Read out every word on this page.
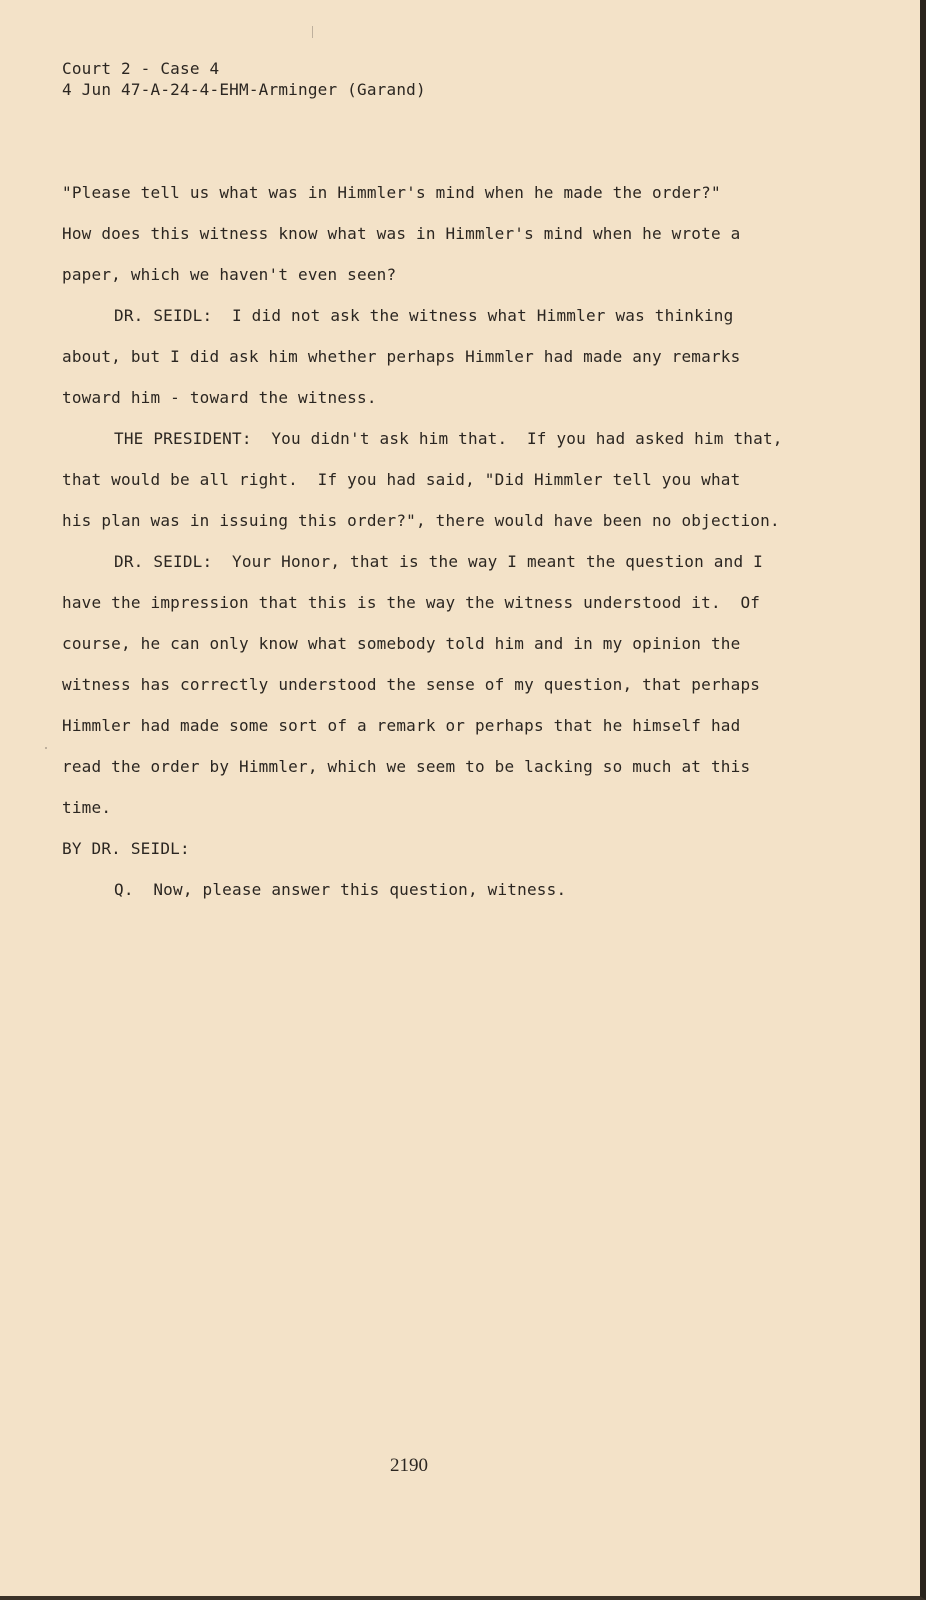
Court 2 - Case 4
4 Jun 47-A-24-4-EHM-Arminger (Garand)
"Please tell us what was in Himmler's mind when he made the order?"
How does this witness know what was in Himmler's mind when he wrote a
paper, which we haven't even seen?
DR. SEIDL:  I did not ask the witness what Himmler was thinking
about, but I did ask him whether perhaps Himmler had made any remarks
toward him - toward the witness.
THE PRESIDENT:  You didn't ask him that.  If you had asked him that,
that would be all right.  If you had said, "Did Himmler tell you what
his plan was in issuing this order?", there would have been no objection.
DR. SEIDL:  Your Honor, that is the way I meant the question and I
have the impression that this is the way the witness understood it.  Of
course, he can only know what somebody told him and in my opinion the
witness has correctly understood the sense of my question, that perhaps
Himmler had made some sort of a remark or perhaps that he himself had
read the order by Himmler, which we seem to be lacking so much at this
time.
BY DR. SEIDL:
Q.  Now, please answer this question, witness.
2190
